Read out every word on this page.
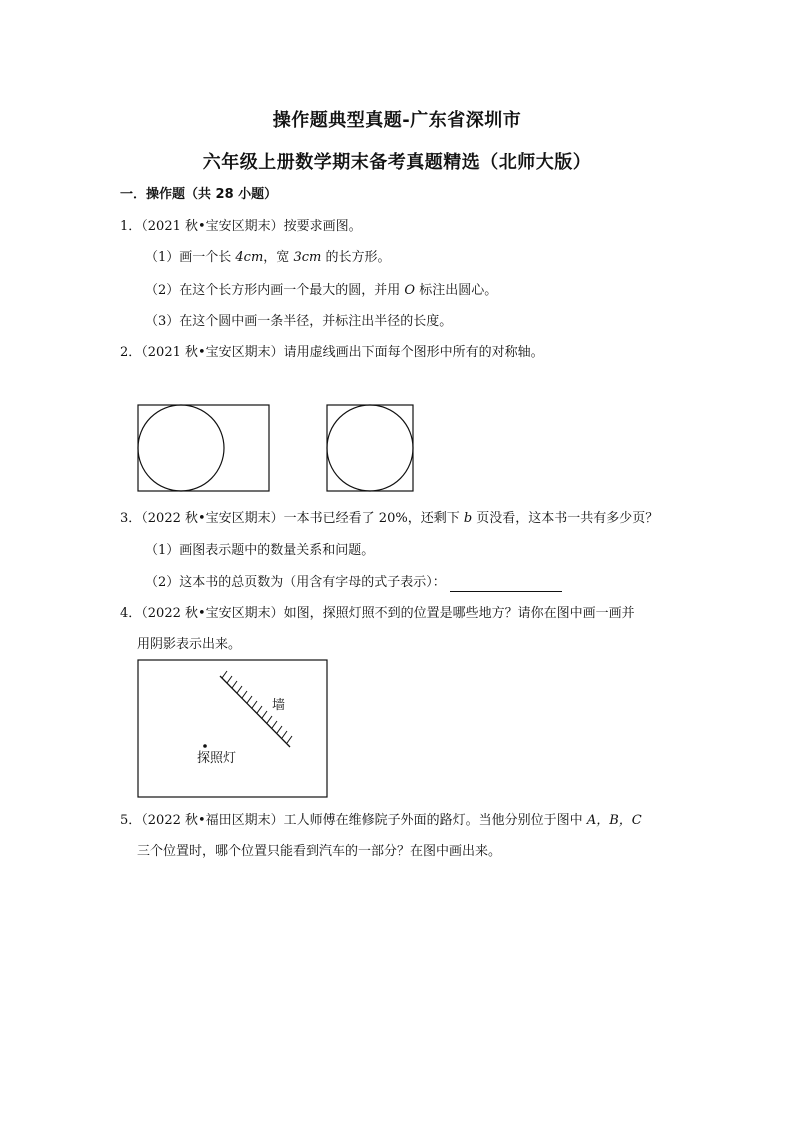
操作题典型真题-广东省深圳市
六年级上册数学期末备考真题精选（北师大版）
一．操作题（共 28 小题）
1．（2021 秋•宝安区期末）按要求画图。
（1）画一个长 4cm，宽 3cm 的长方形。
（2）在这个长方形内画一个最大的圆，并用 O 标注出圆心。
（3）在这个圆中画一条半径，并标注出半径的长度。
2．（2021 秋•宝安区期末）请用虚线画出下面每个图形中所有的对称轴。
3．（2022 秋•宝安区期末）一本书已经看了 20%，还剩下 b 页没看，这本书一共有多少页？
（1）画图表示题中的数量关系和问题。
（2）这本书的总页数为（用含有字母的式子表示）：
4．（2022 秋•宝安区期末）如图，探照灯照不到的位置是哪些地方？请你在图中画一画并
用阴影表示出来。
墙
探照灯
5．（2022 秋•福田区期末）工人师傅在维修院子外面的路灯。当他分别位于图中 A，B，C
三个位置时，哪个位置只能看到汽车的一部分？在图中画出来。
